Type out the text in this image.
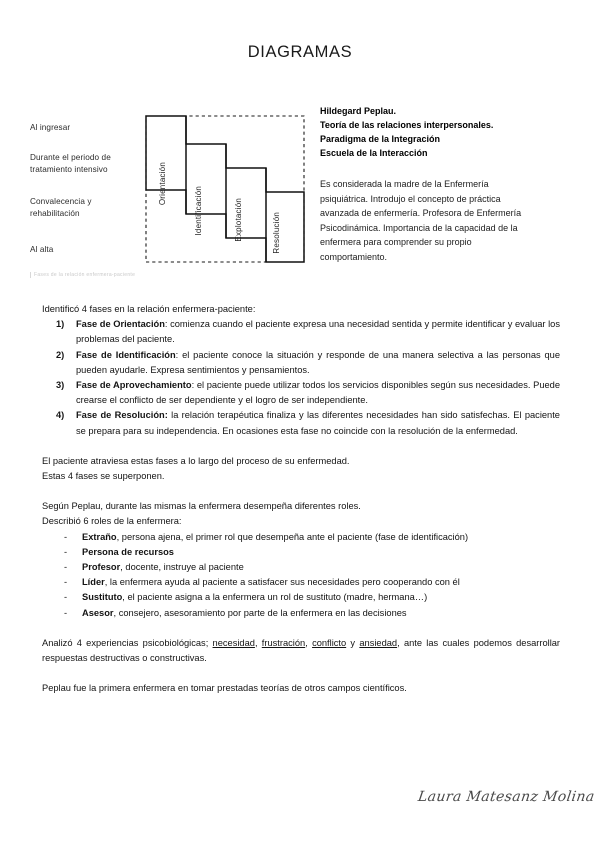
DIAGRAMAS
Al ingresar
Durante el periodo de tratamiento intensivo
Convalecencia y rehabilitación
Al alta
Fases de la relación enfermera-paciente
Orientación
Identificación	Explotación	Resolución
Hildegard Peplau.
Teoría de las relaciones interpersonales.
Paradigma de la Integración
Escuela de la Interacción
Es considerada la madre de la Enfermería psiquiátrica. Introdujo el concepto de práctica avanzada de enfermería. Profesora de Enfermería Psicodinámica. Importancia de la capacidad de la enfermera para comprender su propio comportamiento.

Identificó 4 fases en la relación enfermera-paciente:

Fase de Orientación: comienza cuando el paciente expresa una necesidad sentida y permite identificar y evaluar los problemas del paciente.
Fase de Identificación: el paciente conoce la situación y responde de una manera selectiva a las personas que pueden ayudarle. Expresa sentimientos y pensamientos.
Fase de Aprovechamiento: el paciente puede utilizar todos los servicios disponibles según sus necesidades. Puede crearse el conflicto de ser dependiente y el logro de ser independiente.
Fase de Resolución: la relación terapéutica finaliza y las diferentes necesidades han sido satisfechas. El paciente se prepara para su independencia. En ocasiones esta fase no coincide con la resolución de la enfermedad.

El paciente atraviesa estas fases a lo largo del proceso de su enfermedad.

Estas 4 fases se superponen.

Según Peplau, durante las mismas la enfermera desempeña diferentes roles.

Describió 6 roles de la enfermera:

- Extraño, persona ajena, el primer rol que desempeña ante el paciente (fase de identificación)
- Persona de recursos
- Profesor, docente, instruye al paciente
- Líder, la enfermera ayuda al paciente a satisfacer sus necesidades pero cooperando con él
- Sustituto, el paciente asigna a la enfermera un rol de sustituto (madre, hermana…)
- Asesor, consejero, asesoramiento por parte de la enfermera en las decisiones

Analizó 4 experiencias psicobiológicas; necesidad, frustración, conflicto y ansiedad, ante las cuales podemos desarrollar respuestas destructivas o constructivas.

Peplau fue la primera enfermera en tomar prestadas teorías de otros campos científicos.

Laura Matesanz Molina
